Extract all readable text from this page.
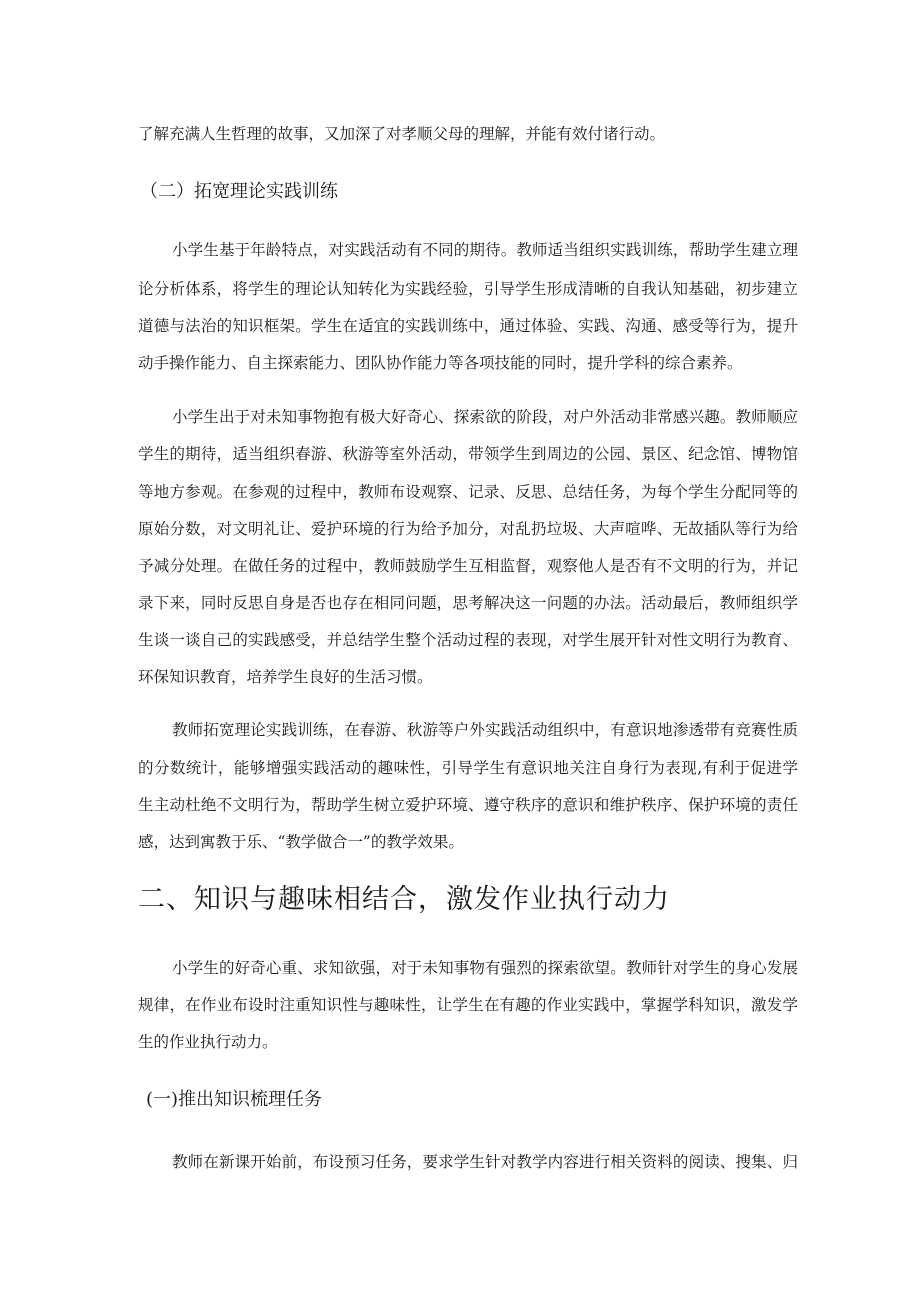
了解充满人生哲理的故事，又加深了对孝顺父母的理解，并能有效付诸行动。
（二）拓宽理论实践训练
小学生基于年龄特点，对实践活动有不同的期待。教师适当组织实践训练，帮助学生建立理
论分析体系，将学生的理论认知转化为实践经验，引导学生形成清晰的自我认知基础，初步建立
道德与法治的知识框架。学生在适宜的实践训练中，通过体验、实践、沟通、感受等行为，提升
动手操作能力、自主探索能力、团队协作能力等各项技能的同时，提升学科的综合素养。
小学生出于对未知事物抱有极大好奇心、探索欲的阶段，对户外活动非常感兴趣。教师顺应
学生的期待，适当组织春游、秋游等室外活动，带领学生到周边的公园、景区、纪念馆、博物馆
等地方参观。在参观的过程中，教师布设观察、记录、反思、总结任务，为每个学生分配同等的
原始分数，对文明礼让、爱护环境的行为给予加分，对乱扔垃圾、大声喧哗、无故插队等行为给
予减分处理。在做任务的过程中，教师鼓励学生互相监督，观察他人是否有不文明的行为，并记
录下来，同时反思自身是否也存在相同问题，思考解决这一问题的办法。活动最后，教师组织学
生谈一谈自己的实践感受，并总结学生整个活动过程的表现，对学生展开针对性文明行为教育、
环保知识教育，培养学生良好的生活习惯。
教师拓宽理论实践训练，在春游、秋游等户外实践活动组织中，有意识地渗透带有竞赛性质
的分数统计，能够增强实践活动的趣味性，引导学生有意识地关注自身行为表现,有利于促进学
生主动杜绝不文明行为，帮助学生树立爱护环境、遵守秩序的意识和维护秩序、保护环境的责任
感，达到寓教于乐、“教学做合一”的教学效果。
二、知识与趣味相结合，激发作业执行动力
小学生的好奇心重、求知欲强，对于未知事物有强烈的探索欲望。教师针对学生的身心发展
规律，在作业布设时注重知识性与趣味性，让学生在有趣的作业实践中，掌握学科知识，激发学
生的作业执行动力。
(一)推出知识梳理任务
教师在新课开始前，布设预习任务，要求学生针对教学内容进行相关资料的阅读、搜集、归
